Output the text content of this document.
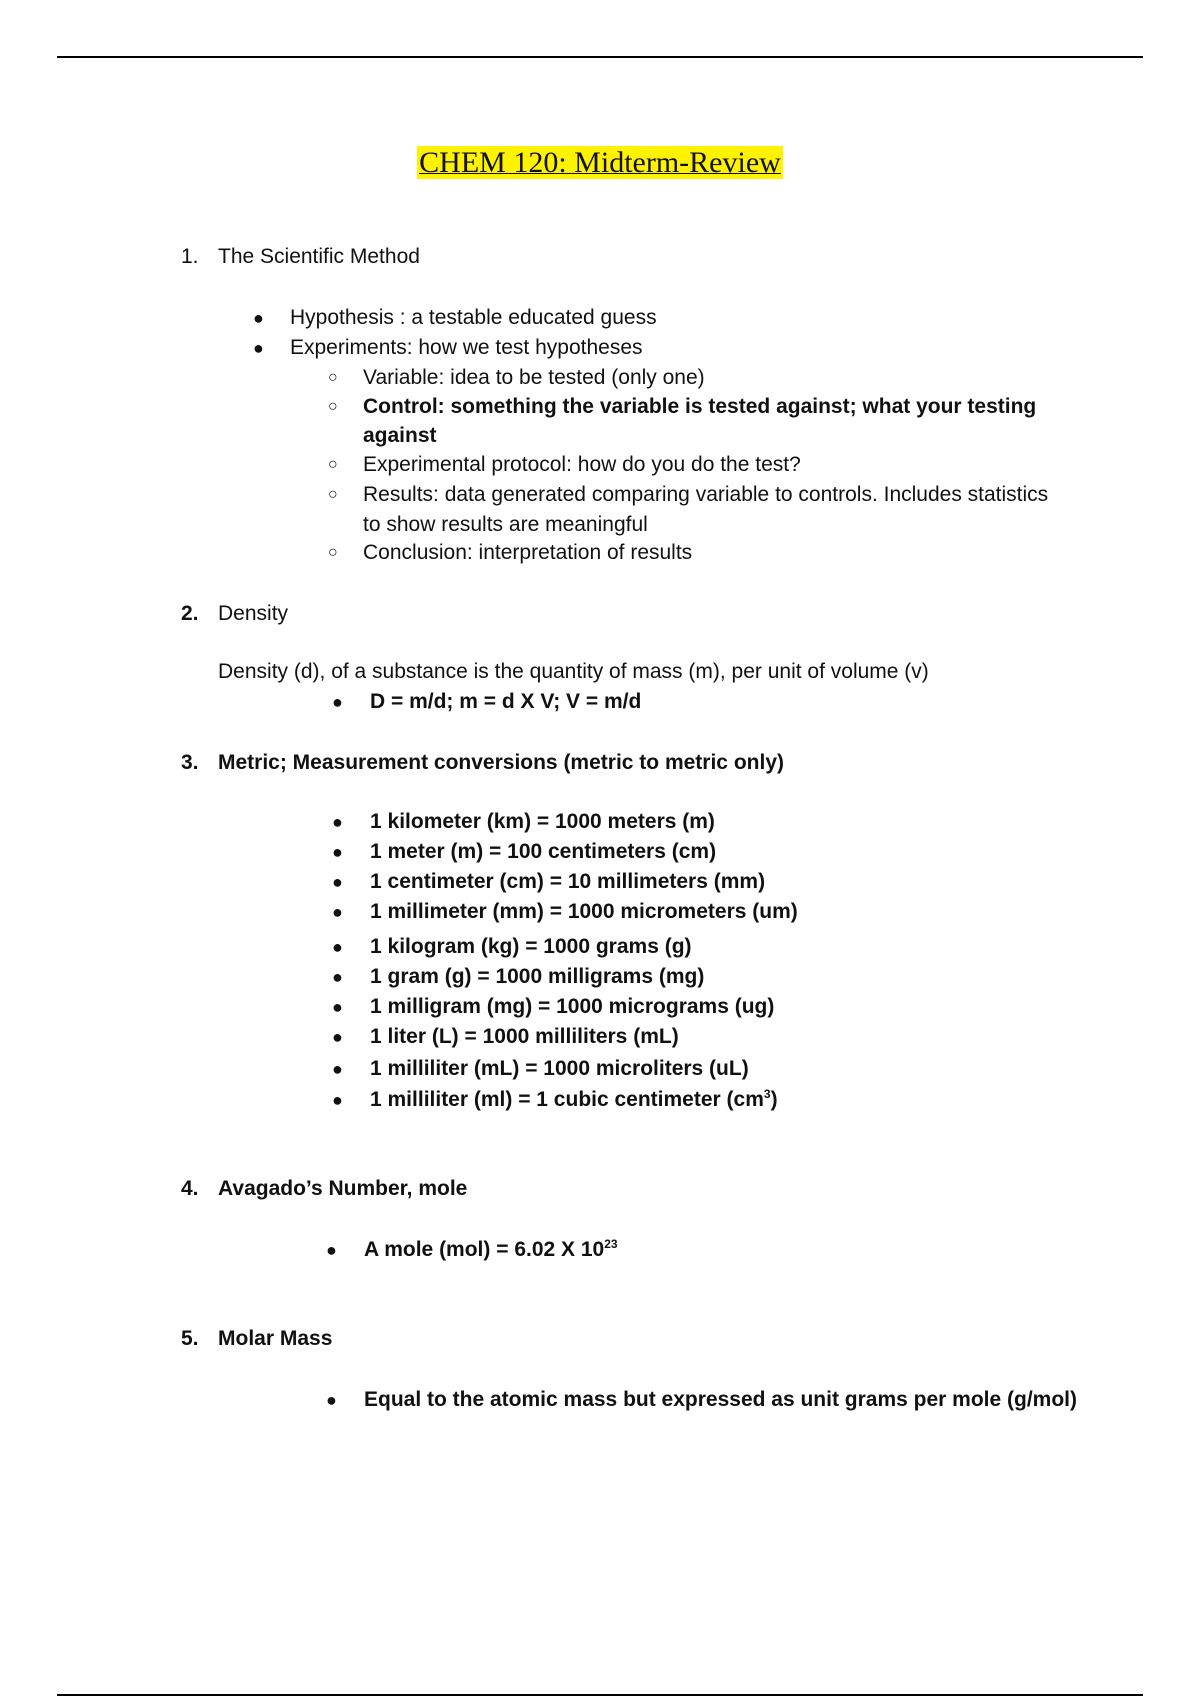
CHEM 120: Midterm-Review
1. The Scientific Method
● Hypothesis : a testable educated guess
● Experiments: how we test hypotheses
○ Variable: idea to be tested (only one)
○ Control: something the variable is tested against; what your testing
against
○ Experimental protocol: how do you do the test?
○ Results: data generated comparing variable to controls. Includes statistics
to show results are meaningful
○ Conclusion: interpretation of results
2. Density
Density (d), of a substance is the quantity of mass (m), per unit of volume (v)
● D = m/d; m = d X V; V = m/d
3. Metric; Measurement conversions (metric to metric only)
● 1 kilometer (km) = 1000 meters (m)
● 1 meter (m) = 100 centimeters (cm)
● 1 centimeter (cm) = 10 millimeters (mm)
● 1 millimeter (mm) = 1000 micrometers (um)
● 1 kilogram (kg) = 1000 grams (g)
● 1 gram (g) = 1000 milligrams (mg)
● 1 milligram (mg) = 1000 micrograms (ug)
● 1 liter (L) = 1000 milliliters (mL)
● 1 milliliter (mL) = 1000 microliters (uL)
● 1 milliliter (ml) = 1 cubic centimeter $(cm^3)$
4. Avagado’s Number, mole
● A mole (mol) = 6.02 X $10^{23}$
5. Molar Mass
● Equal to the atomic mass but expressed as unit grams per mole (g/mol)
